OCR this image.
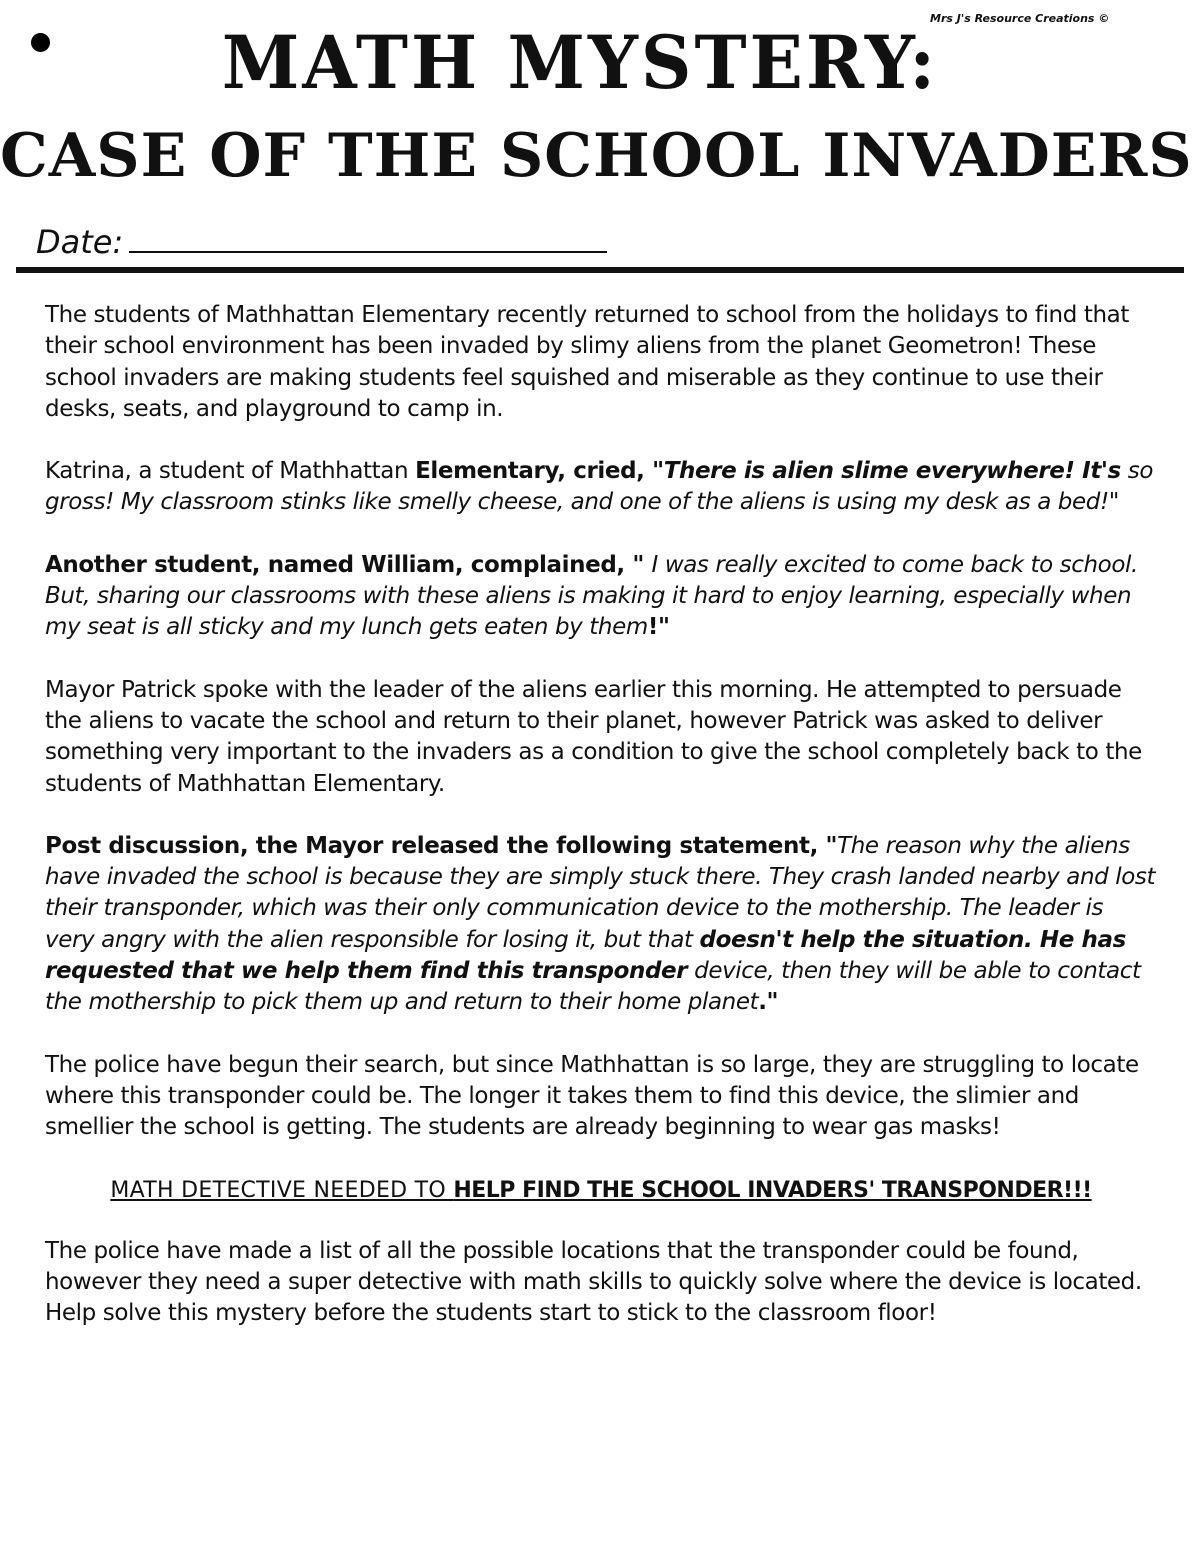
Mrs J's Resource Creations ©
MATH MYSTERY:
CASE OF THE SCHOOL INVADERS
Date:

The students of Mathhattan Elementary recently returned to school from the holidays to find that their school environment has been invaded by slimy aliens from the planet Geometron! These school invaders are making students feel squished and miserable as they continue to use their desks, seats, and playground to camp in.

Katrina, a student of Mathhattan Elementary, cried, "There is alien slime everywhere! It's so gross! My classroom stinks like smelly cheese, and one of the aliens is using my desk as a bed!"

Another student, named William, complained, " I was really excited to come back to school. But, sharing our classrooms with these aliens is making it hard to enjoy learning, especially when my seat is all sticky and my lunch gets eaten by them!"

Mayor Patrick spoke with the leader of the aliens earlier this morning. He attempted to persuade the aliens to vacate the school and return to their planet, however Patrick was asked to deliver something very important to the invaders as a condition to give the school completely back to the students of Mathhattan Elementary.

Post discussion, the Mayor released the following statement, "The reason why the aliens have invaded the school is because they are simply stuck there. They crash landed nearby and lost their transponder, which was their only communication device to the mothership. The leader is very angry with the alien responsible for losing it, but that doesn't help the situation. He has requested that we help them find this transponder device, then they will be able to contact the mothership to pick them up and return to their home planet."

The police have begun their search, but since Mathhattan is so large, they are struggling to locate where this transponder could be. The longer it takes them to find this device, the slimier and smellier the school is getting. The students are already beginning to wear gas masks!

MATH DETECTIVE NEEDED TO HELP FIND THE SCHOOL INVADERS' TRANSPONDER!!!

The police have made a list of all the possible locations that the transponder could be found, however they need a super detective with math skills to quickly solve where the device is located. Help solve this mystery before the students start to stick to the classroom floor!
